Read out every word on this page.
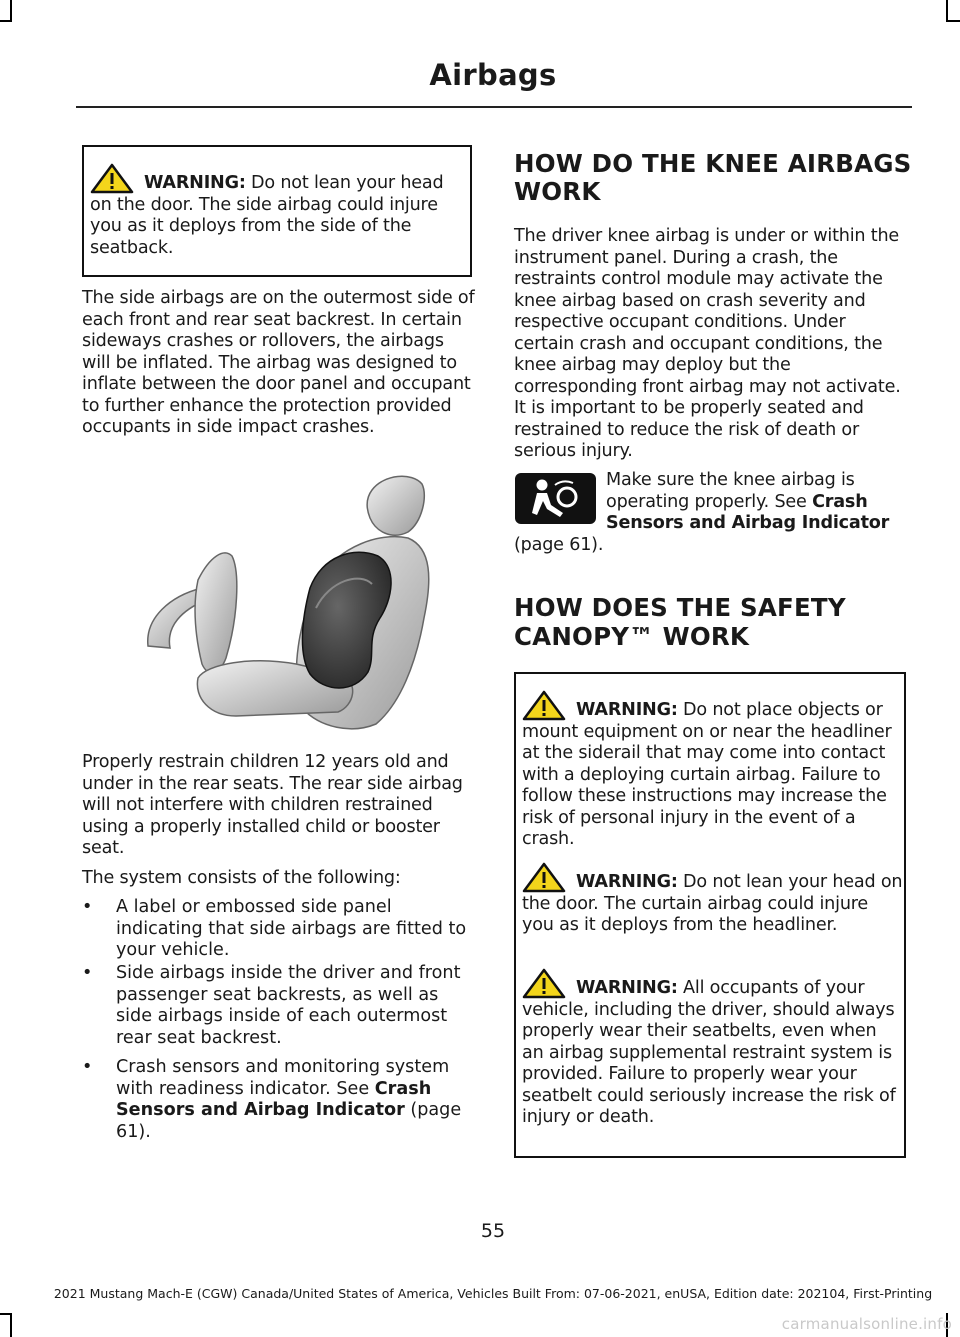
Airbags
WARNING: Do not lean your head on the door. The side airbag could injure you as it deploys from the side of the seatback.

The side airbags are on the outermost side of each front and rear seat backrest. In certain sideways crashes or rollovers, the airbags will be inflated. The airbag was designed to inflate between the door panel and occupant to further enhance the protection provided occupants in side impact crashes.

Properly restrain children 12 years old and under in the rear seats. The rear side airbag will not interfere with children restrained using a properly installed child or booster seat.

The system consists of the following:

• A label or embossed side panel indicating that side airbags are fitted to your vehicle.
• Side airbags inside the driver and front passenger seat backrests, as well as side airbags inside of each outermost rear seat backrest.
• Crash sensors and monitoring system with readiness indicator. See Crash Sensors and Airbag Indicator (page 61).
HOW DO THE KNEE AIRBAGS
WORK

The driver knee airbag is under or within the instrument panel. During a crash, the restraints control module may activate the knee airbag based on crash severity and respective occupant conditions. Under certain crash and occupant conditions, the knee airbag may deploy but the corresponding front airbag may not activate. It is important to be properly seated and restrained to reduce the risk of death or serious injury.

Make sure the knee airbag is operating properly. See Crash Sensors and Airbag Indicator

(page 61).

HOW DOES THE SAFETY
CANOPY™ WORK
WARNING: Do not place objects or mount equipment on or near the headliner at the siderail that may come into contact with a deploying curtain airbag. Failure to follow these instructions may increase the risk of personal injury in the event of a crash.
WARNING: Do not lean your head on the door. The curtain airbag could injure you as it deploys from the headliner.
WARNING: All occupants of your vehicle, including the driver, should always properly wear their seatbelts, even when an airbag supplemental restraint system is provided. Failure to properly wear your seatbelt could seriously increase the risk of injury or death.
55
2021 Mustang Mach-E (CGW) Canada/United States of America, Vehicles Built From: 07-06-2021, enUSA, Edition date: 202104, First-Printing
carmanualsonline.info
